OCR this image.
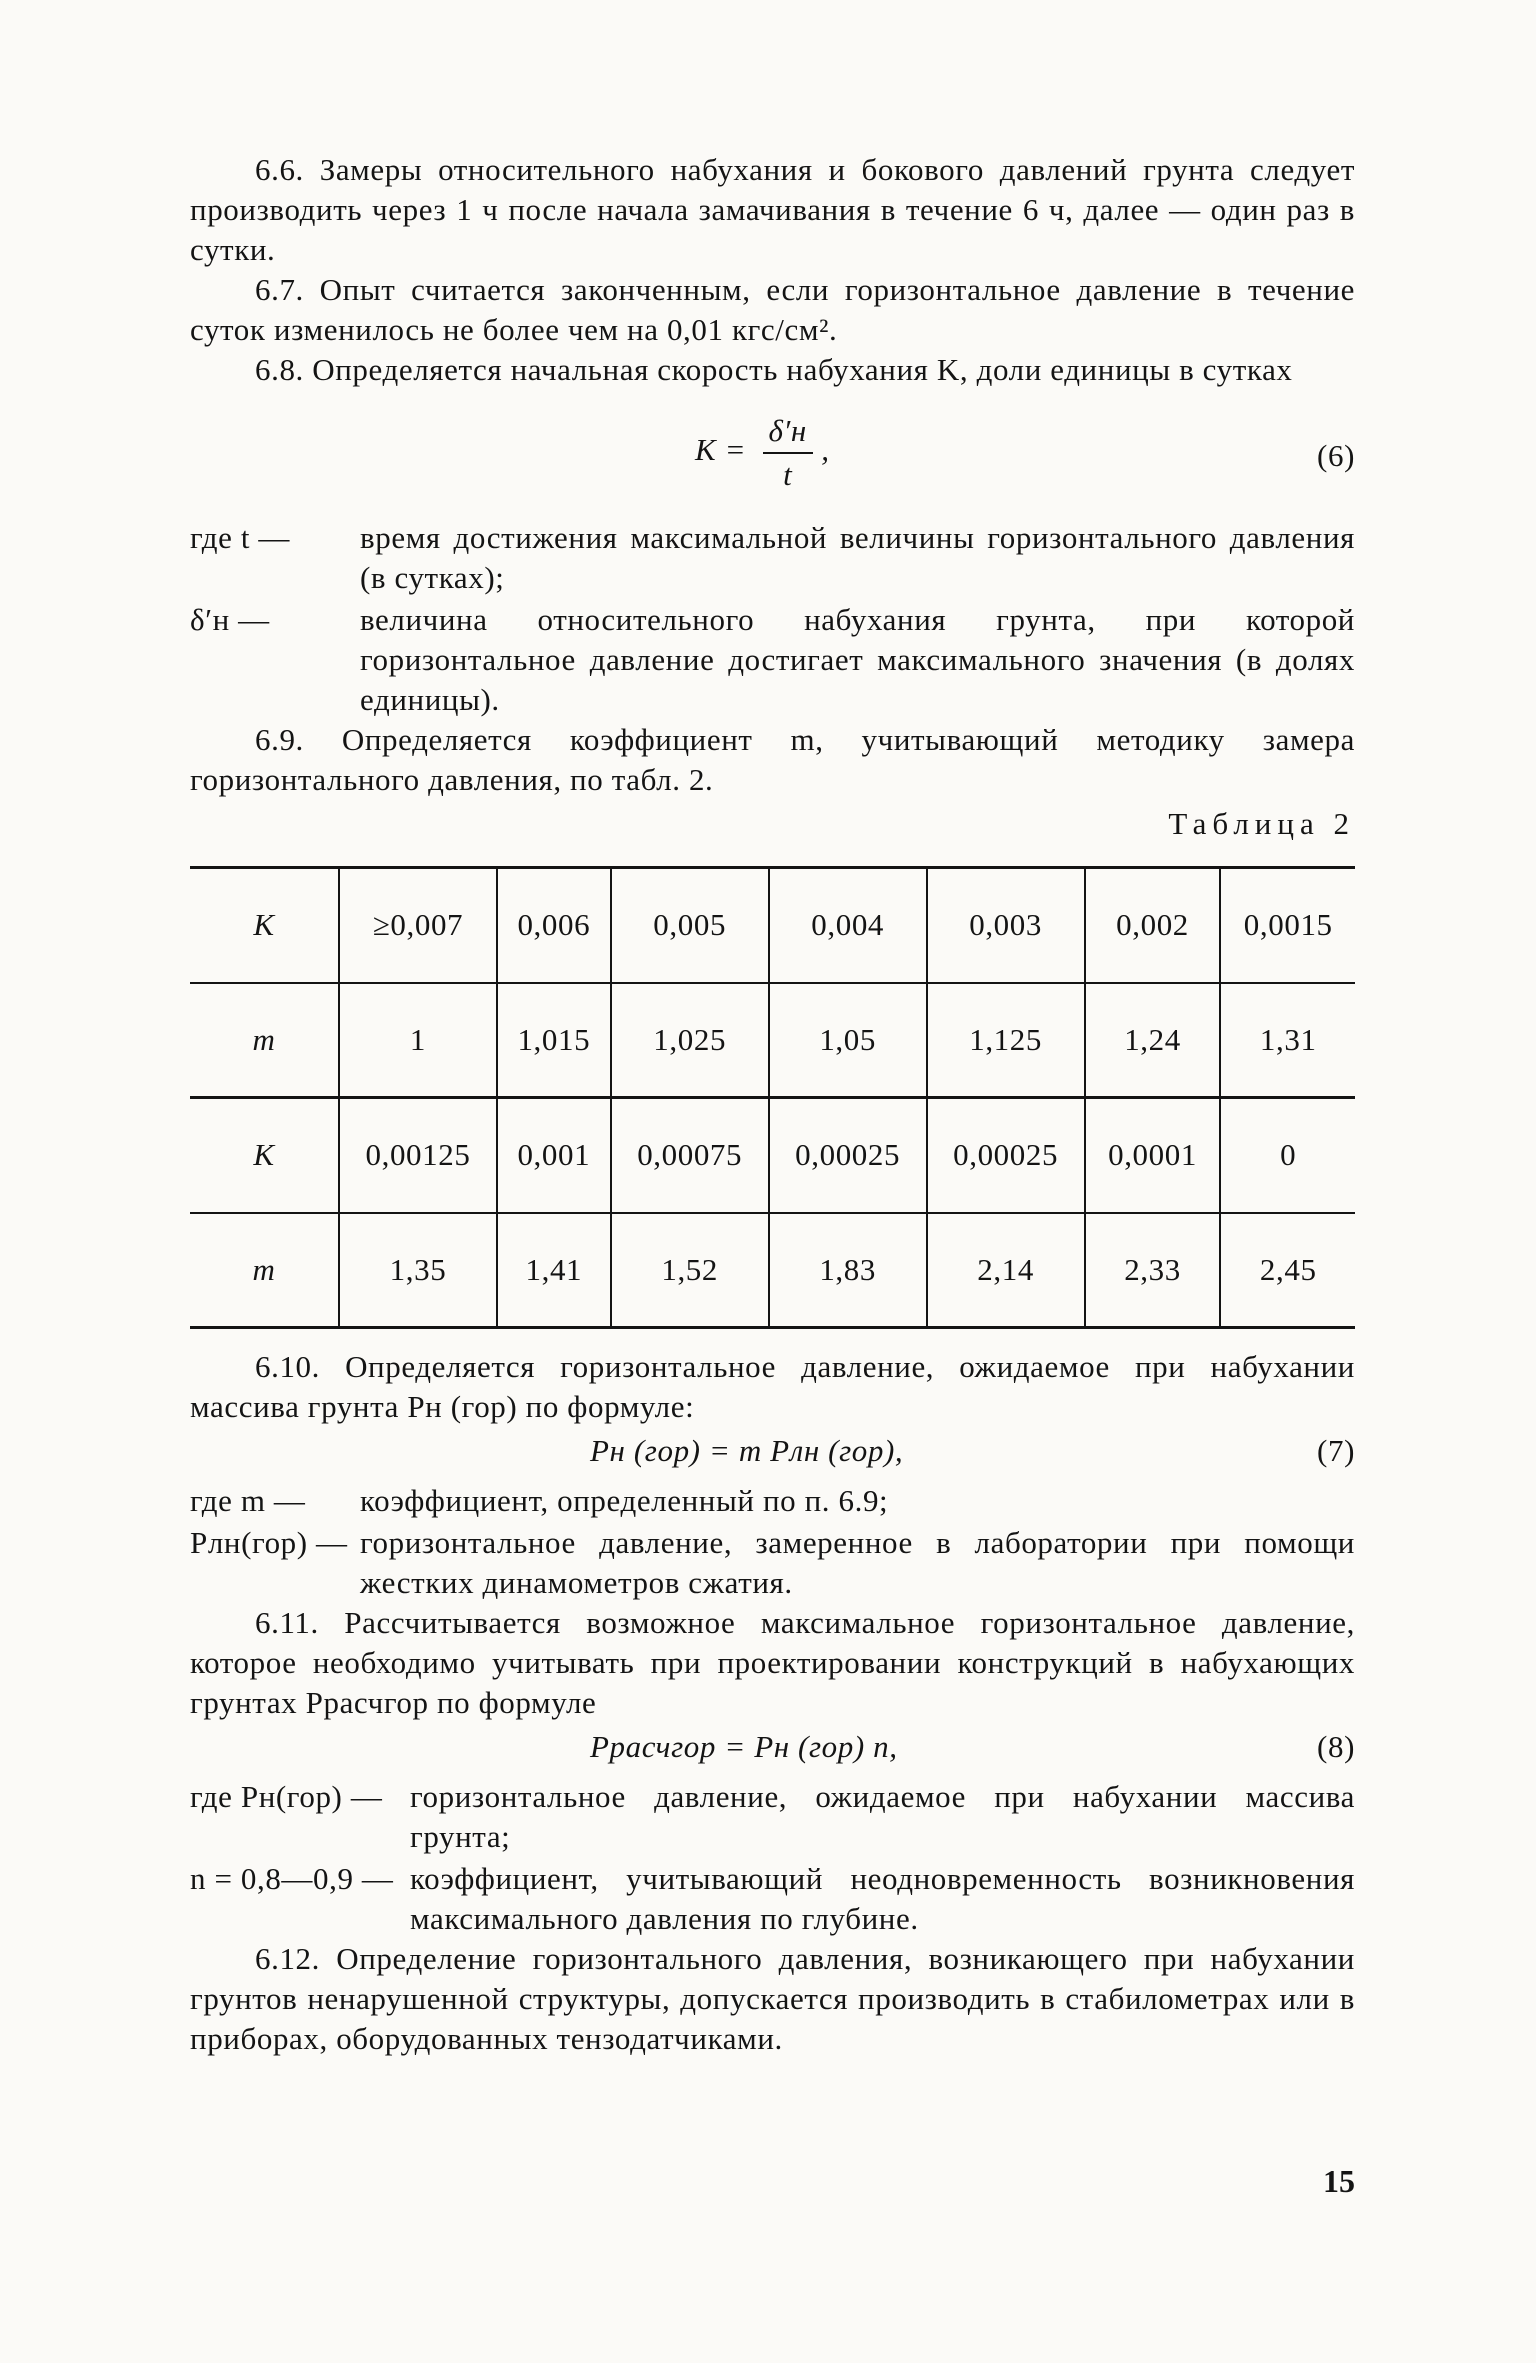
6.6. Замеры относительного набухания и бокового давлений грунта следует производить через 1 ч после начала замачивания в течение 6 ч, далее — один раз в сутки.

6.7. Опыт считается законченным, если горизонтальное давление в течение суток изменилось не более чем на 0,01 кгс/см².

6.8. Определяется начальная скорость набухания K, доли единицы в сутках

$K = \frac{\delta'н}{t}$ ,	(6)
где t —	время достижения максимальной величины горизонтального давления (в сутках);
δ′н —	величина относительного набухания грунта, при которой горизонтальное давление достигает максимального значения (в долях единицы).

6.9. Определяется коэффициент m, учитывающий методику замера горизонтального давления, по табл. 2.

Таблица 2
K	≥0,007	0,006	0,005	0,004	0,003	0,002	0,0015
m	1	1,015	1,025	1,05	1,125	1,24	1,31
K	0,00125	0,001	0,00075	0,00025	0,00025	0,0001	0
m	1,35	1,41	1,52	1,83	2,14	2,33	2,45

6.10. Определяется горизонтальное давление, ожидаемое при набухании массива грунта Pн (гор) по формуле:

Pн (гор) = m Pлн (гор),	(7)
где m —	коэффициент, определенный по п. 6.9;
Pлн(гор) — горизонтальное давление, замеренное в лаборатории при помощи жестких динамометров сжатия.

6.11. Рассчитывается возможное максимальное горизонтальное давление, которое необходимо учитывать при проектировании конструкций в набухающих грунтах Pрасчгор по формуле

Pрасчгор = Pн (гор) n,	(8)
где Pн(гор) — горизонтальное давление, ожидаемое при набухании массива грунта;
n = 0,8—0,9 — коэффициент, учитывающий неодновременность возникновения максимального давления по глубине.

6.12. Определение горизонтального давления, возникающего при набухании грунтов ненарушенной структуры, допускается производить в стабилометрах или в приборах, оборудованных тензодатчиками.

15
